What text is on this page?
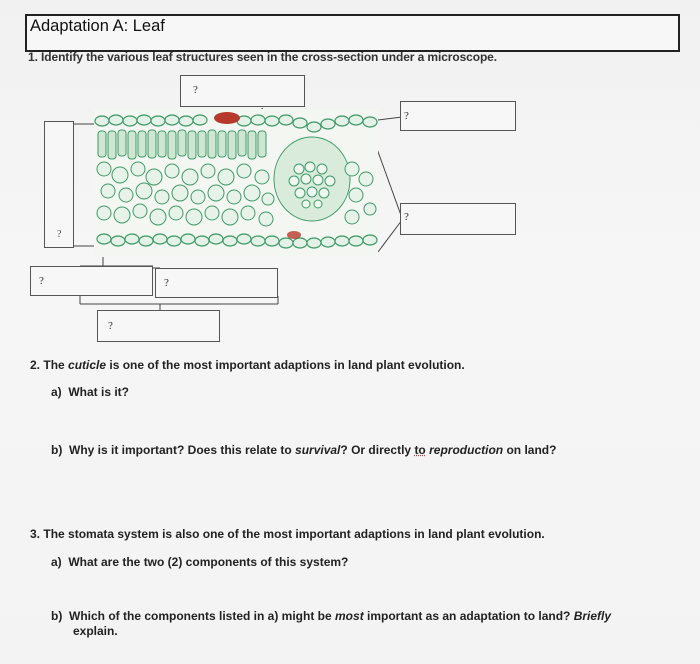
Adaptation A: Leaf
1. Identify the various leaf structures seen in the cross-section under a microscope.
?
?
?
?
?	?
?
2. The cuticle is one of the most important adaptions in land plant evolution.
a) What is it?
b) Why is it important? Does this relate to survival? Or directly to reproduction on land?
3. The stomata system is also one of the most important adaptions in land plant evolution.
a) What are the two (2) components of this system?
b) Which of the components listed in a) might be most important as an adaptation to land? Briefly
explain.
